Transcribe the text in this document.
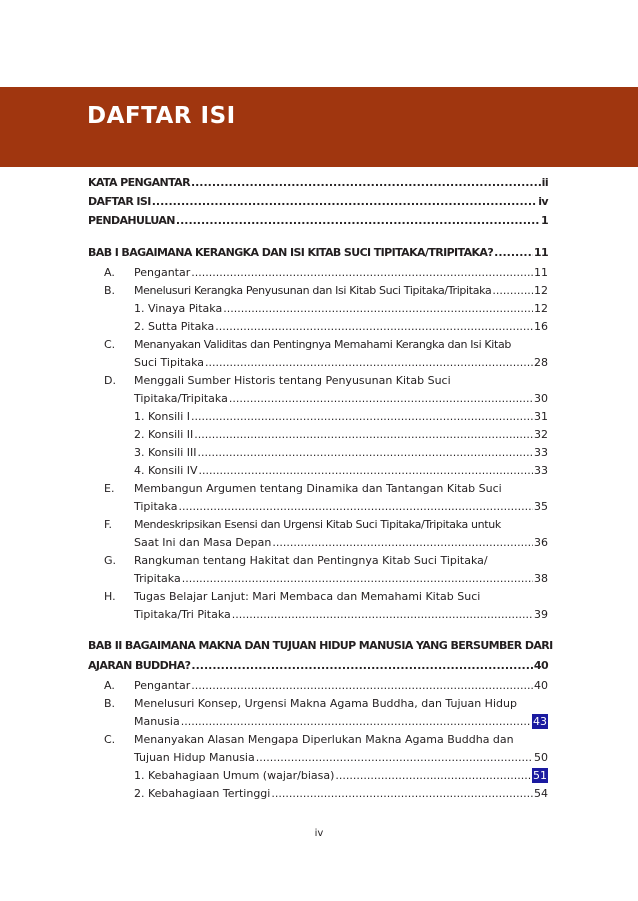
DAFTAR ISI
KATA PENGANTAR .....	ii
DAFTAR ISI .....	iv
PENDAHULUAN .....	1
BAB I BAGAIMANA KERANGKA DAN ISI KITAB SUCI TIPITAKA/TRIPITAKA? .....	11
A. Pengantar .....	11
B. Menelusuri Kerangka Penyusunan dan Isi Kitab Suci Tipitaka/Tripitaka .....	12
1. Vinaya Pitaka .....	12
2. Sutta Pitaka .....	16
C. Menanyakan Validitas dan Pentingnya Memahami Kerangka dan Isi Kitab
Suci Tipitaka .....	28
D. Menggali Sumber Historis tentang Penyusunan Kitab Suci
Tipitaka/Tripitaka .....	30
1. Konsili I .....	31
2. Konsili II .....	32
3. Konsili III .....	33
4. Konsili IV .....	33
E. Membangun Argumen tentang Dinamika dan Tantangan Kitab Suci
Tipitaka .....	35
F. Mendeskripsikan Esensi dan Urgensi Kitab Suci Tipitaka/Tripitaka untuk
Saat Ini dan Masa Depan .....	36
G. Rangkuman tentang Hakitat dan Pentingnya Kitab Suci Tipitaka/
Tripitaka .....	38
H. Tugas Belajar Lanjut: Mari Membaca dan Memahami Kitab Suci
Tipitaka/Tri Pitaka .....	39
BAB II BAGAIMANA MAKNA DAN TUJUAN HIDUP MANUSIA YANG BERSUMBER DARI
AJARAN BUDDHA? .....	40
A. Pengantar .....	40
B. Menelusuri Konsep, Urgensi Makna Agama Buddha, dan Tujuan Hidup
Manusia .....	43
C. Menanyakan Alasan Mengapa Diperlukan Makna Agama Buddha dan
Tujuan Hidup Manusia .....	50
1. Kebahagiaan Umum (wajar/biasa) .....	51
2. Kebahagiaan Tertinggi .....	54
iv
